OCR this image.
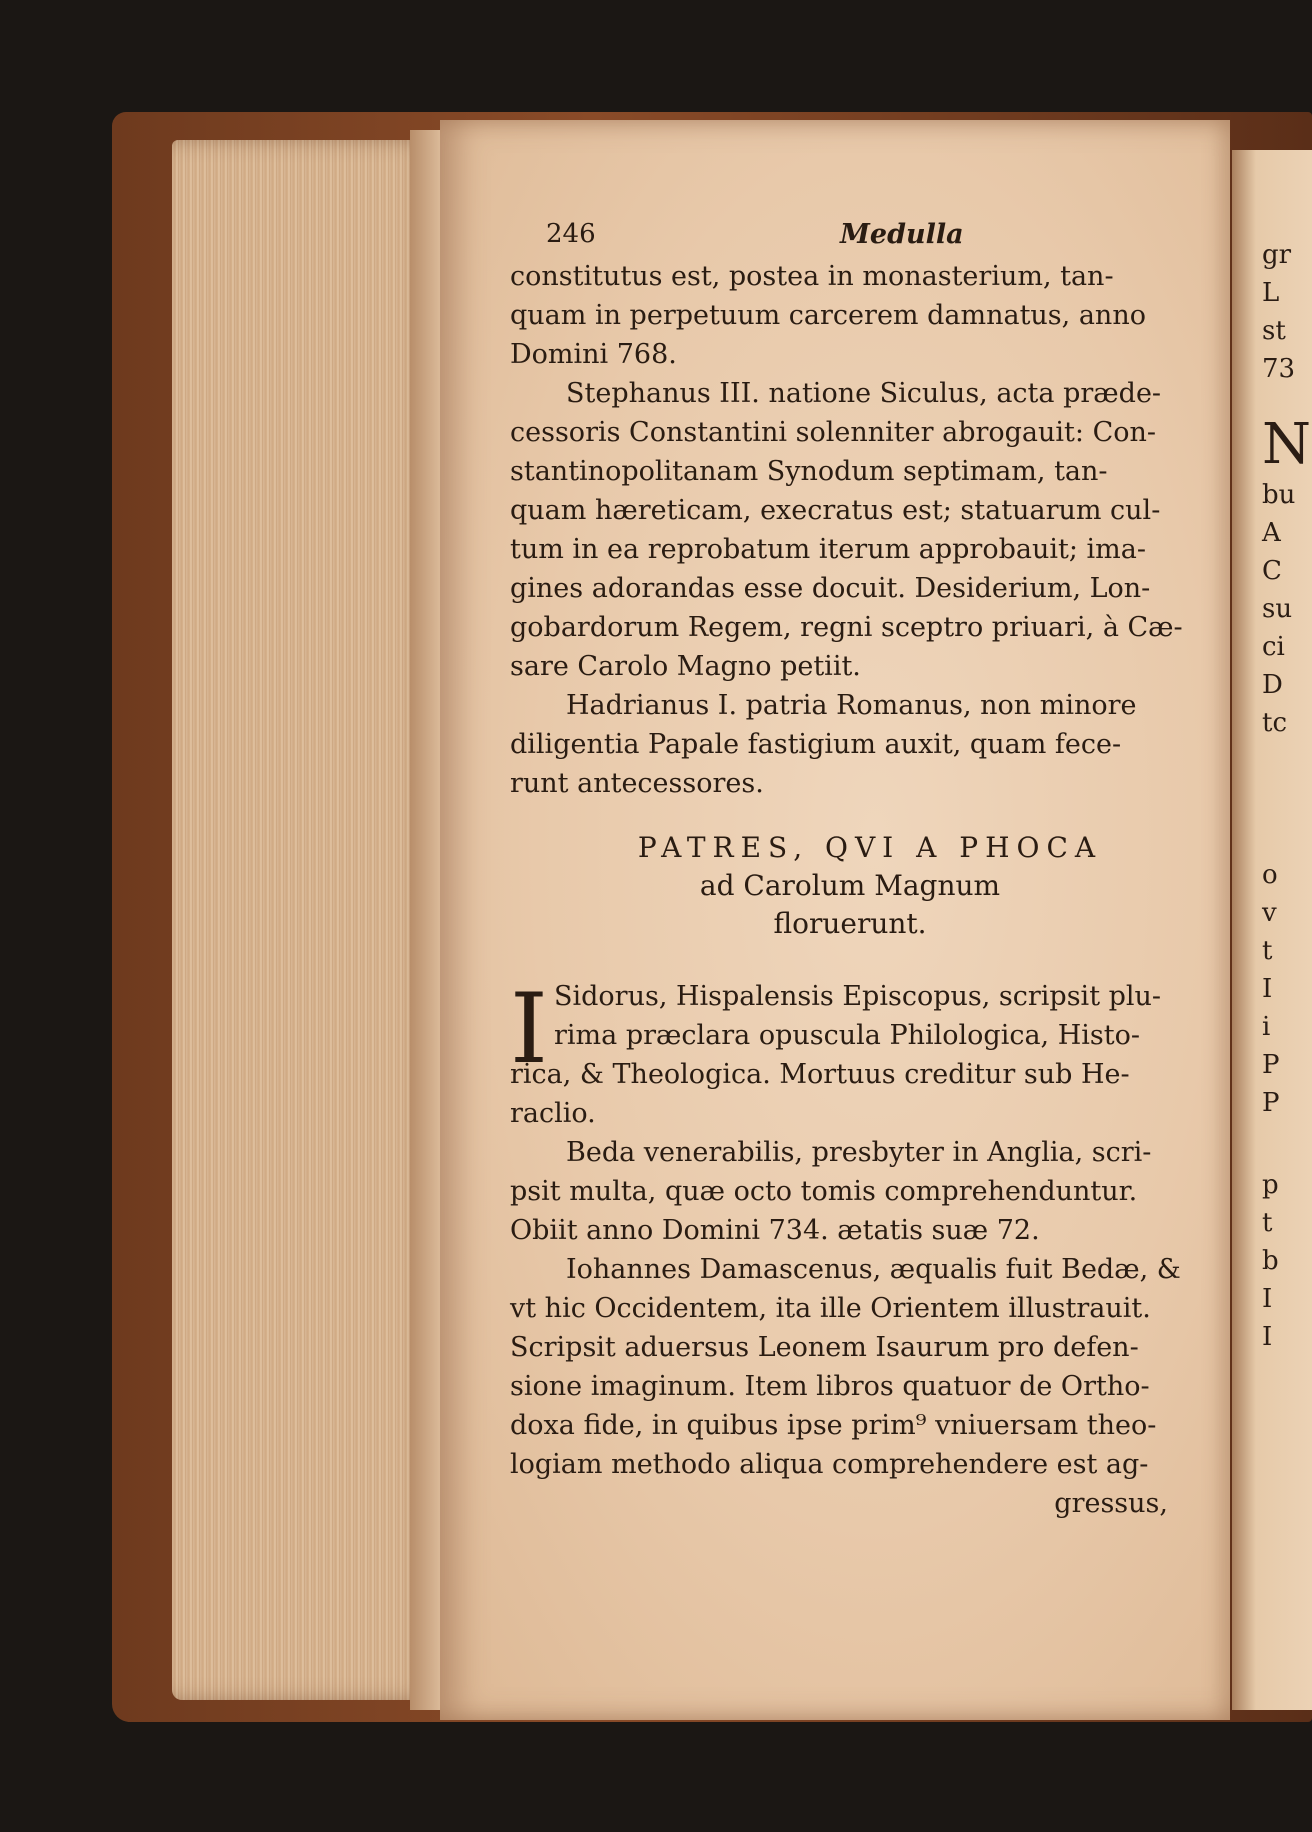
gr
L
st
73
N
bu
A
C
su
ci
D
tc
o
v
t
I
i
P
P
p
t
b
I
I
246	Medulla
constitutus est, postea in monasterium, tan-
quam in perpetuum carcerem damnatus, anno
Domini 768.
Stephanus III. natione Siculus, acta præde-
cessoris Constantini solenniter abrogauit: Con-
stantinopolitanam Synodum septimam, tan-
quam hæreticam, execratus est; statuarum cul-
tum in ea reprobatum iterum approbauit; ima-
gines adorandas esse docuit. Desiderium, Lon-
gobardorum Regem, regni sceptro priuari, à Cæ-
sare Carolo Magno petiit.
Hadrianus I. patria Romanus, non minore
diligentia Papale fastigium auxit, quam fece-
runt antecessores.
PATRES, QVI A PHOCA
ad Carolum Magnum
floruerunt.
I Sidorus, Hispalensis Episcopus, scripsit plu-
rima præclara opuscula Philologica, Histo-
rica, & Theologica. Mortuus creditur sub He-
raclio.
Beda venerabilis, presbyter in Anglia, scri-
psit multa, quæ octo tomis comprehenduntur.
Obiit anno Domini 734. ætatis suæ 72.
Iohannes Damascenus, æqualis fuit Bedæ, &
vt hic Occidentem, ita ille Orientem illustrauit.
Scripsit aduersus Leonem Isaurum pro defen-
sione imaginum. Item libros quatuor de Ortho-
doxa fide, in quibus ipse prim⁹ vniuersam theo-
logiam methodo aliqua comprehendere est ag-
gressus,
